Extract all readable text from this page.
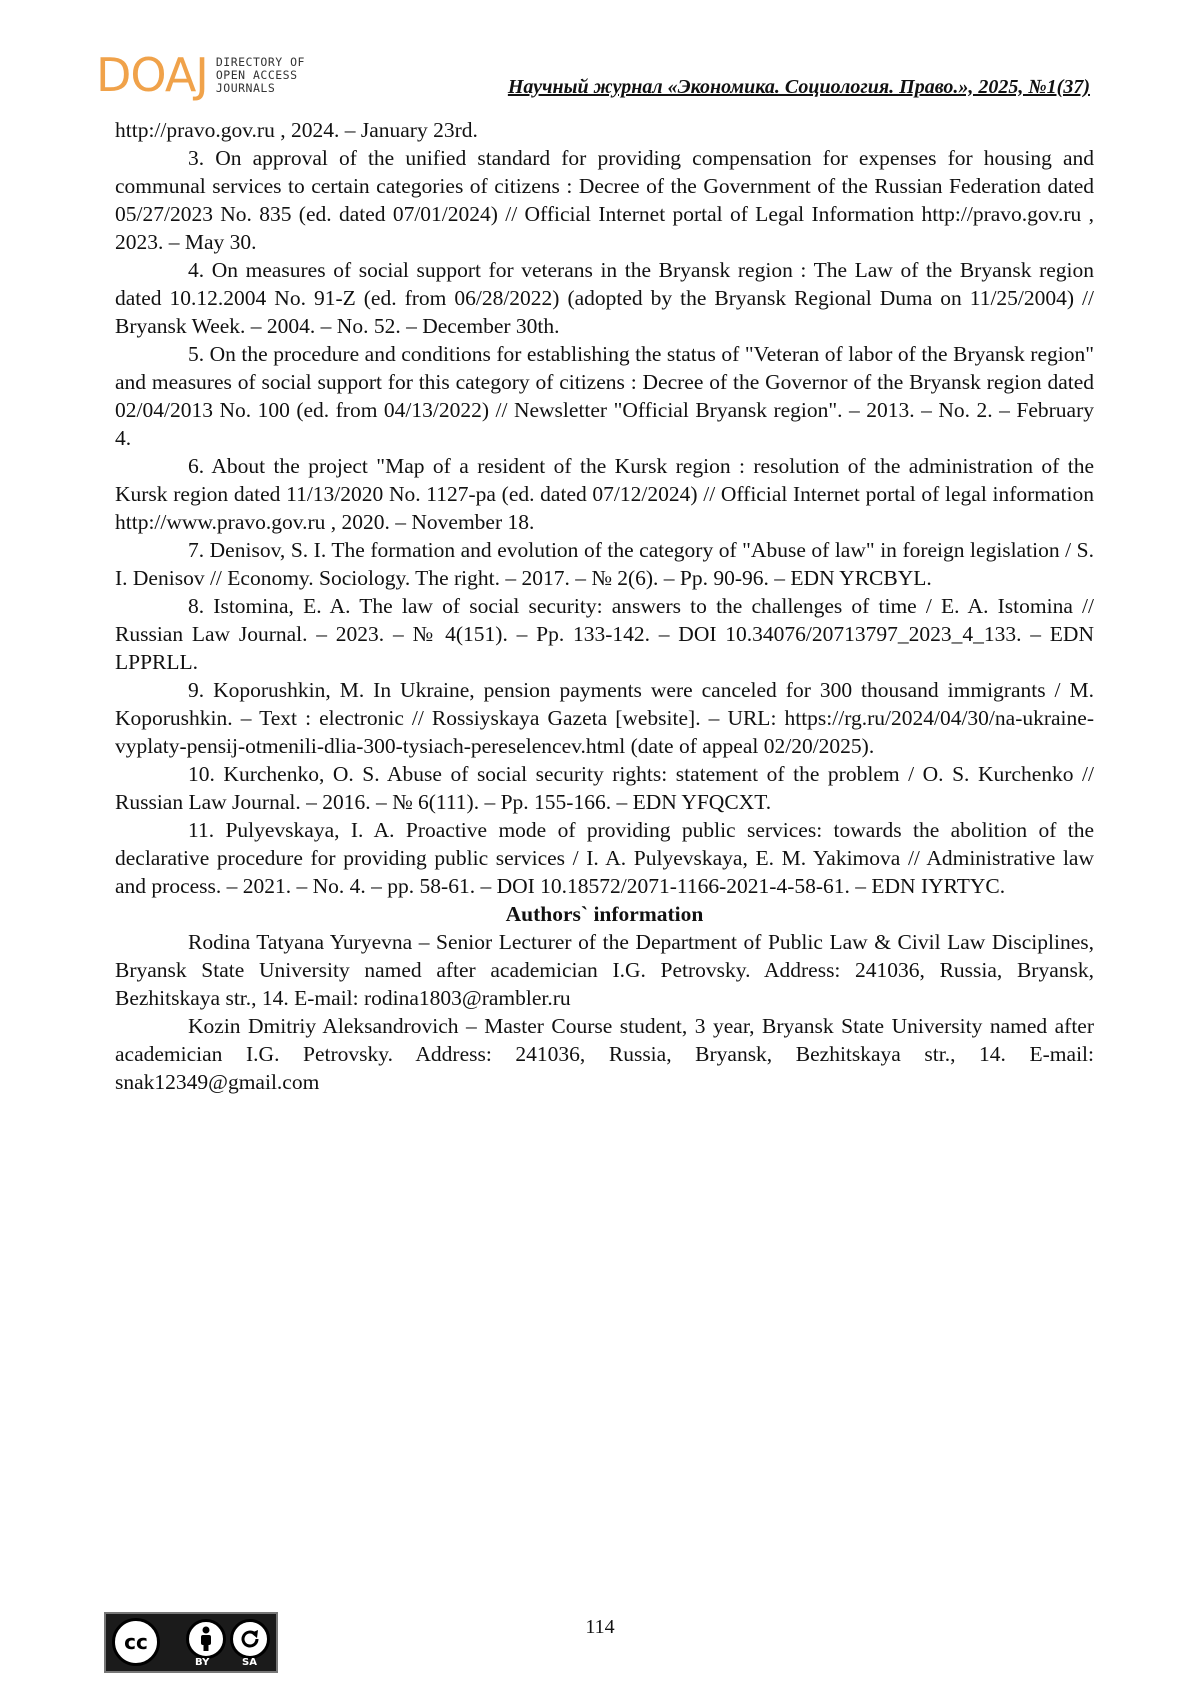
DOAJ DIRECTORY OF
OPEN ACCESS
JOURNALS	Научный журнал «Экономика. Социология. Право.», 2025, №1(37)

http://pravo.gov.ru , 2024. – January 23rd.

3. On approval of the unified standard for providing compensation for expenses for housing and communal services to certain categories of citizens : Decree of the Government of the Russian Federation dated 05/27/2023 No. 835 (ed. dated 07/01/2024) // Official Internet portal of Legal Information http://pravo.gov.ru , 2023. – May 30.

4. On measures of social support for veterans in the Bryansk region : The Law of the Bryansk region dated 10.12.2004 No. 91-Z (ed. from 06/28/2022) (adopted by the Bryansk Regional Duma on 11/25/2004) // Bryansk Week. – 2004. – No. 52. – December 30th.

5. On the procedure and conditions for establishing the status of "Veteran of labor of the Bryansk region" and measures of social support for this category of citizens : Decree of the Governor of the Bryansk region dated 02/04/2013 No. 100 (ed. from 04/13/2022) // Newsletter "Official Bryansk region". – 2013. – No. 2. – February 4.

6. About the project "Map of a resident of the Kursk region : resolution of the administration of the Kursk region dated 11/13/2020 No. 1127-pa (ed. dated 07/12/2024) // Official Internet portal of legal information http://www.pravo.gov.ru , 2020. – November 18.

7. Denisov, S. I. The formation and evolution of the category of "Abuse of law" in foreign legislation / S. I. Denisov // Economy. Sociology. The right. – 2017. – № 2(6). – Pp. 90-96. – EDN YRCBYL.

8. Istomina, E. A. The law of social security: answers to the challenges of time / E. A. Istomina // Russian Law Journal. – 2023. – № 4(151). – Pp. 133-142. – DOI 10.34076/20713797_2023_4_133. – EDN LPPRLL.

9. Koporushkin, M. In Ukraine, pension payments were canceled for 300 thousand immigrants / M. Koporushkin. – Text : electronic // Rossiyskaya Gazeta [website]. – URL: https://rg.ru/2024/04/30/na-ukraine-vyplaty-pensij-otmenili-dlia-300-tysiach-pereselencev.html (date of appeal 02/20/2025).

10. Kurchenko, O. S. Abuse of social security rights: statement of the problem / O. S. Kurchenko // Russian Law Journal. – 2016. – № 6(111). – Pp. 155-166. – EDN YFQCXT.

11. Pulyevskaya, I. A. Proactive mode of providing public services: towards the abolition of the declarative procedure for providing public services / I. A. Pulyevskaya, E. M. Yakimova // Administrative law and process. – 2021. – No. 4. – pp. 58-61. – DOI 10.18572/2071-1166-2021-4-58-61. – EDN IYRTYC.

Authors` information

Rodina Tatyana Yuryevna – Senior Lecturer of the Department of Public Law & Civil Law Disciplines, Bryansk State University named after academician I.G. Petrovsky. Address: 241036, Russia, Bryansk, Bezhitskaya str., 14. E-mail: rodina1803@rambler.ru

Kozin Dmitriy Aleksandrovich – Master Course student, 3 year, Bryansk State University named after academician I.G. Petrovsky. Address: 241036, Russia, Bryansk, Bezhitskaya str., 14. E-mail: snak12349@gmail.com

cc
BY	SA
114
